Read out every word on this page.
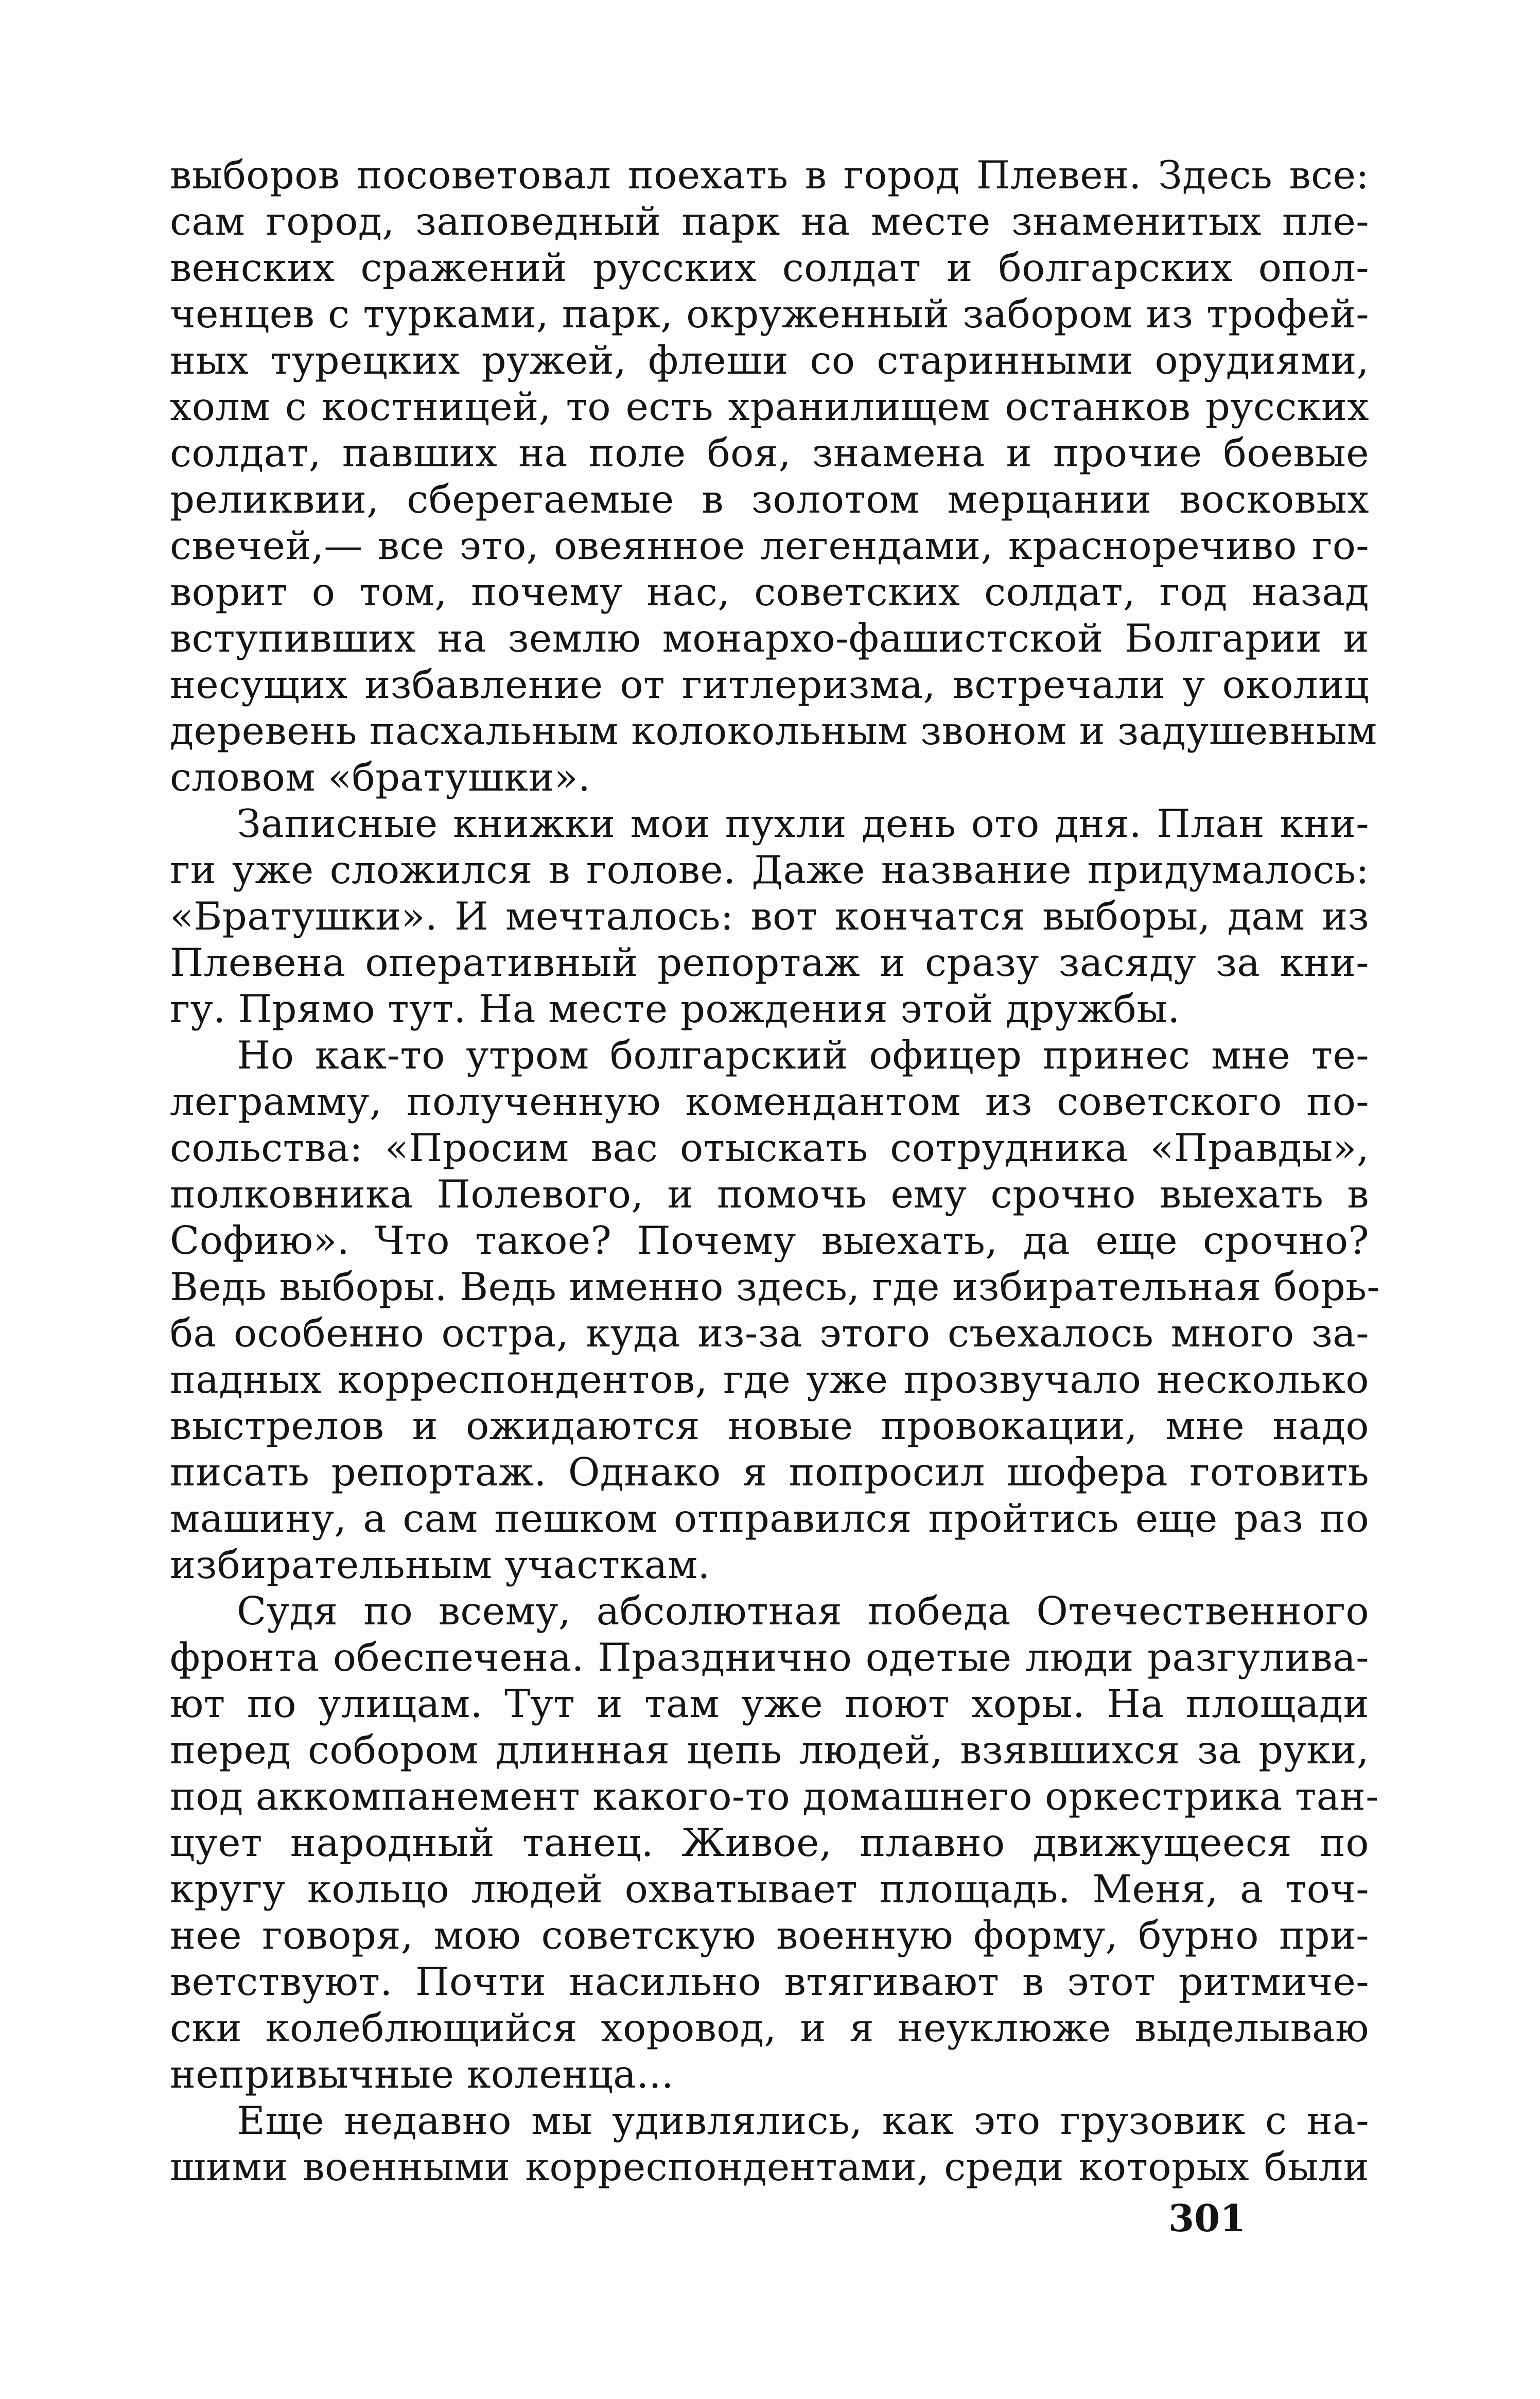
выборов посоветовал поехать в город Плевен. Здесь все:
сам город, заповедный парк на месте знаменитых пле-
венских сражений русских солдат и болгарских опол-
ченцев с турками, парк, окруженный забором из трофей-
ных турецких ружей, флеши со старинными орудиями,
холм с костницей, то есть хранилищем останков русских
солдат, павших на поле боя, знамена и прочие боевые
реликвии, сберегаемые в золотом мерцании восковых
свечей,— все это, овеянное легендами, красноречиво го-
ворит о том, почему нас, советских солдат, год назад
вступивших на землю монархо-фашистской Болгарии и
несущих избавление от гитлеризма, встречали у околиц
деревень пасхальным колокольным звоном и задушевным
словом «братушки».
Записные книжки мои пухли день ото дня. План кни-
ги уже сложился в голове. Даже название придумалось:
«Братушки». И мечталось: вот кончатся выборы, дам из
Плевена оперативный репортаж и сразу засяду за кни-
гу. Прямо тут. На месте рождения этой дружбы.
Но как-то утром болгарский офицер принес мне те-
леграмму, полученную комендантом из советского по-
сольства: «Просим вас отыскать сотрудника «Правды»,
полковника Полевого, и помочь ему срочно выехать в
Софию». Что такое? Почему выехать, да еще срочно?
Ведь выборы. Ведь именно здесь, где избирательная борь-
ба особенно остра, куда из-за этого съехалось много за-
падных корреспондентов, где уже прозвучало несколько
выстрелов и ожидаются новые провокации, мне надо
писать репортаж. Однако я попросил шофера готовить
машину, а сам пешком отправился пройтись еще раз по
избирательным участкам.
Судя по всему, абсолютная победа Отечественного
фронта обеспечена. Празднично одетые люди разгулива-
ют по улицам. Тут и там уже поют хоры. На площади
перед собором длинная цепь людей, взявшихся за руки,
под аккомпанемент какого-то домашнего оркестрика тан-
цует народный танец. Живое, плавно движущееся по
кругу кольцо людей охватывает площадь. Меня, а точ-
нее говоря, мою советскую военную форму, бурно при-
ветствуют. Почти насильно втягивают в этот ритмиче-
ски колеблющийся хоровод, и я неуклюже выделываю
непривычные коленца...
Еще недавно мы удивлялись, как это грузовик с на-
шими военными корреспондентами, среди которых были
301
